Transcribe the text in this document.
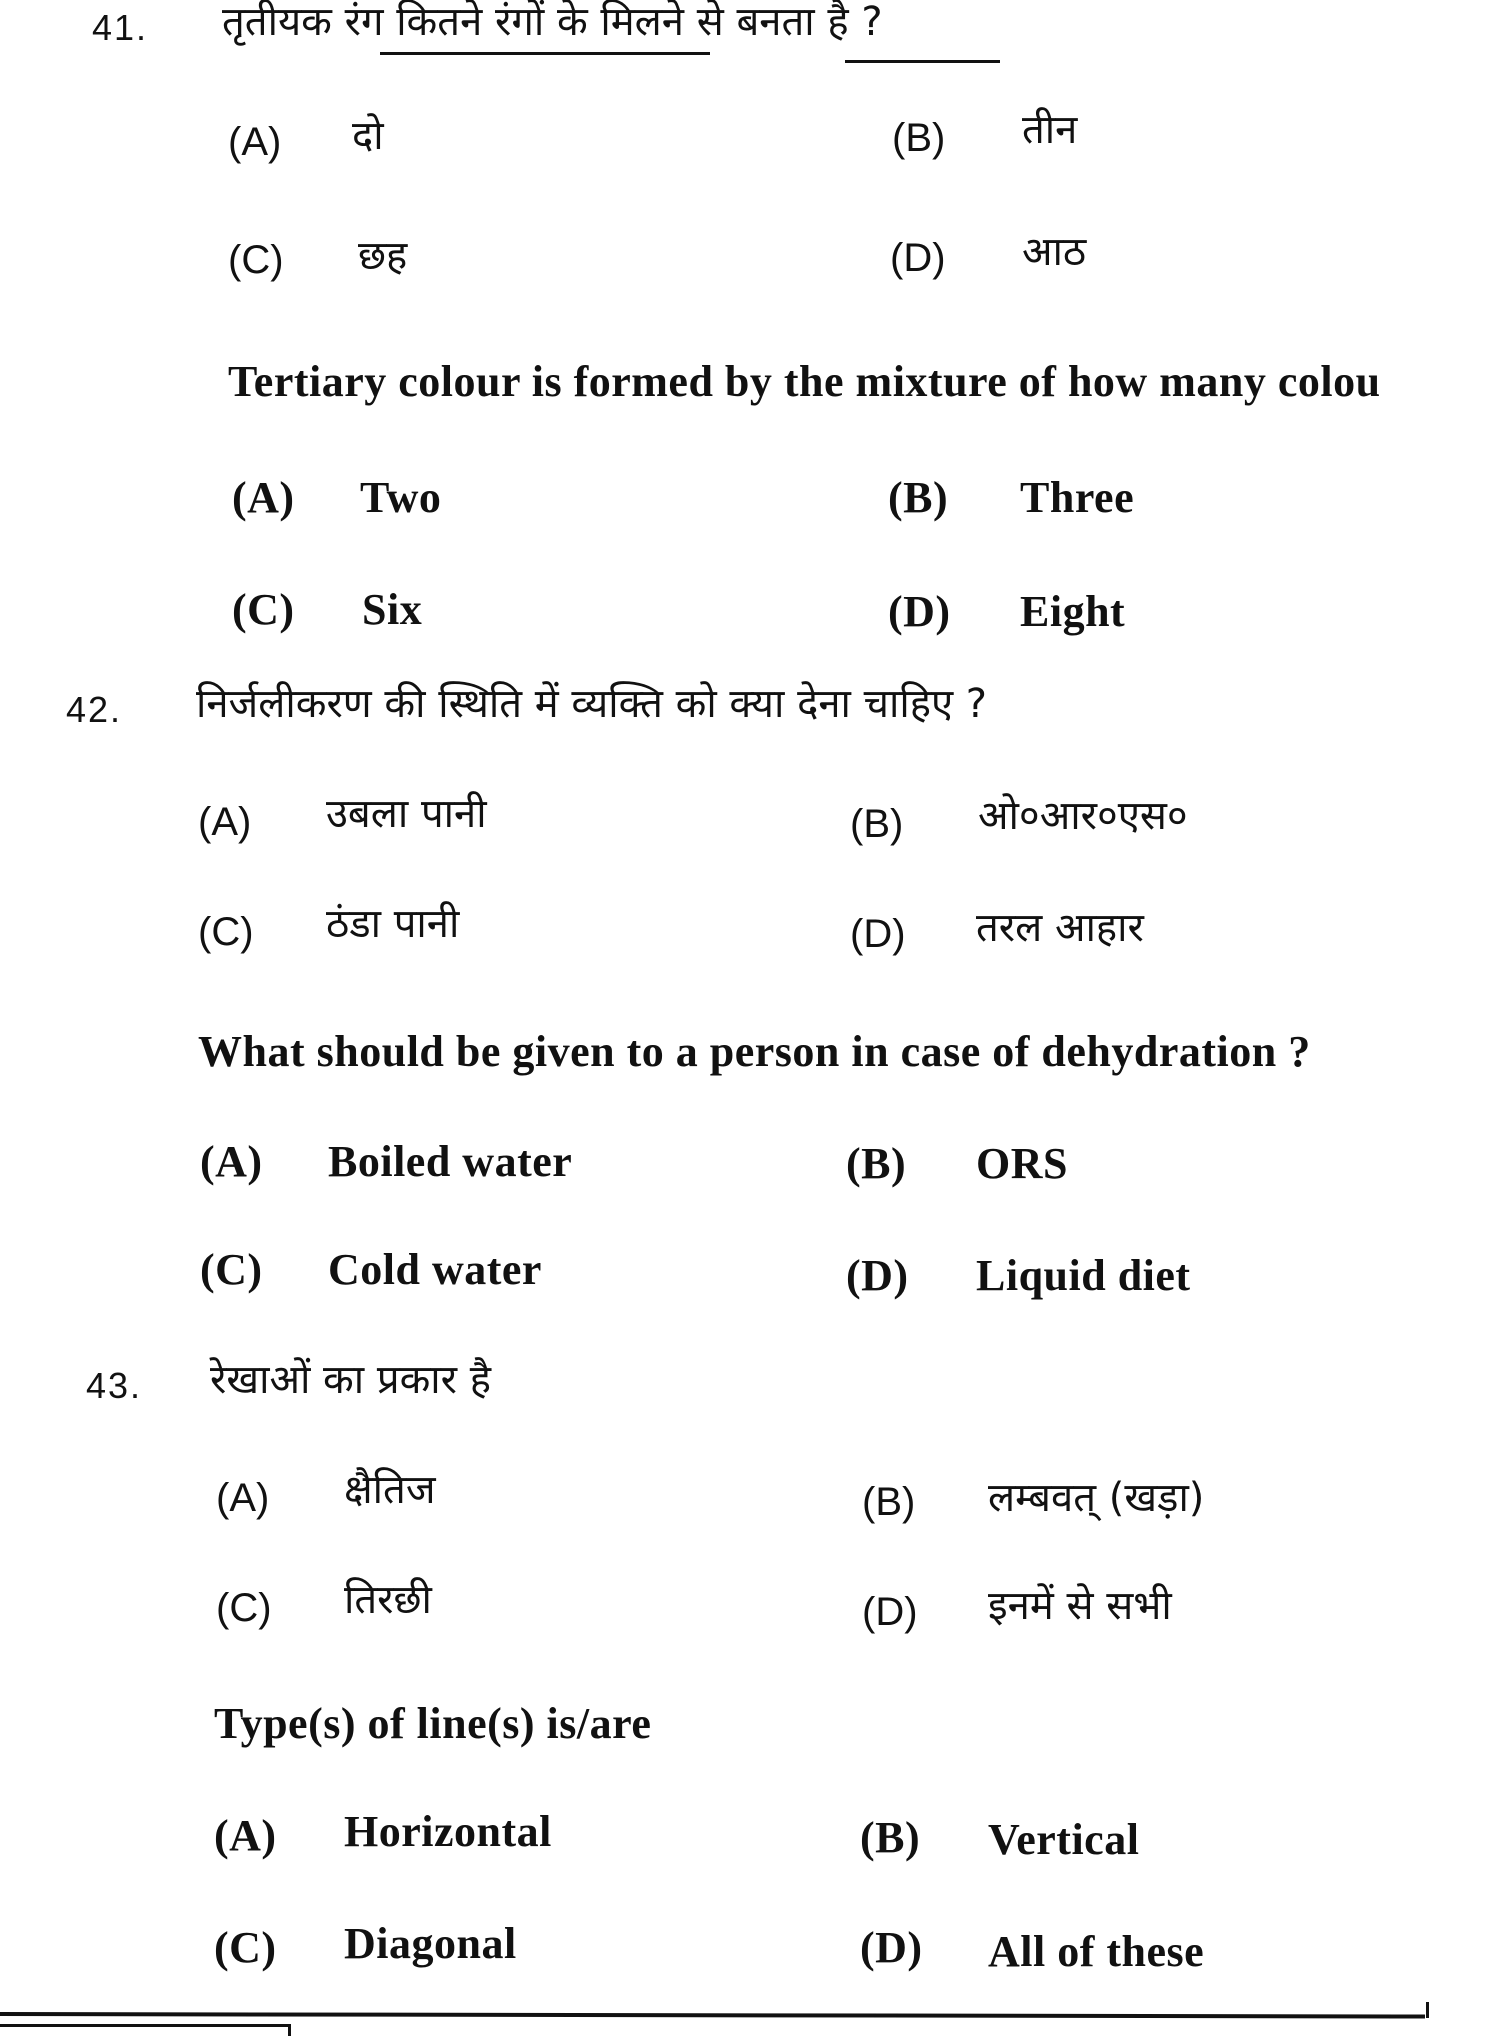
41. तृतीयक रंग कितने रंगों के मिलने से बनता है ?
(A) दो	(B) तीन
(C) छह	(D) आठ
Tertiary colour is formed by the mixture of how many colou
(A) Two	(B) Three
(C) Six	(D) Eight
42. निर्जलीकरण की स्थिति में व्यक्ति को क्या देना चाहिए ?
(A) उबला पानी	(B) ओ०आर०एस०
(C) ठंडा पानी	(D) तरल आहार
What should be given to a person in case of dehydration ?
(A) Boiled water	(B) ORS
(C) Cold water	(D) Liquid diet
43. रेखाओं का प्रकार है
(A) क्षैतिज	(B) लम्बवत् (खड़ा)
(C) तिरछी	(D) इनमें से सभी
Type(s) of line(s) is/are
(A) Horizontal	(B) Vertical
(C) Diagonal	(D) All of these
